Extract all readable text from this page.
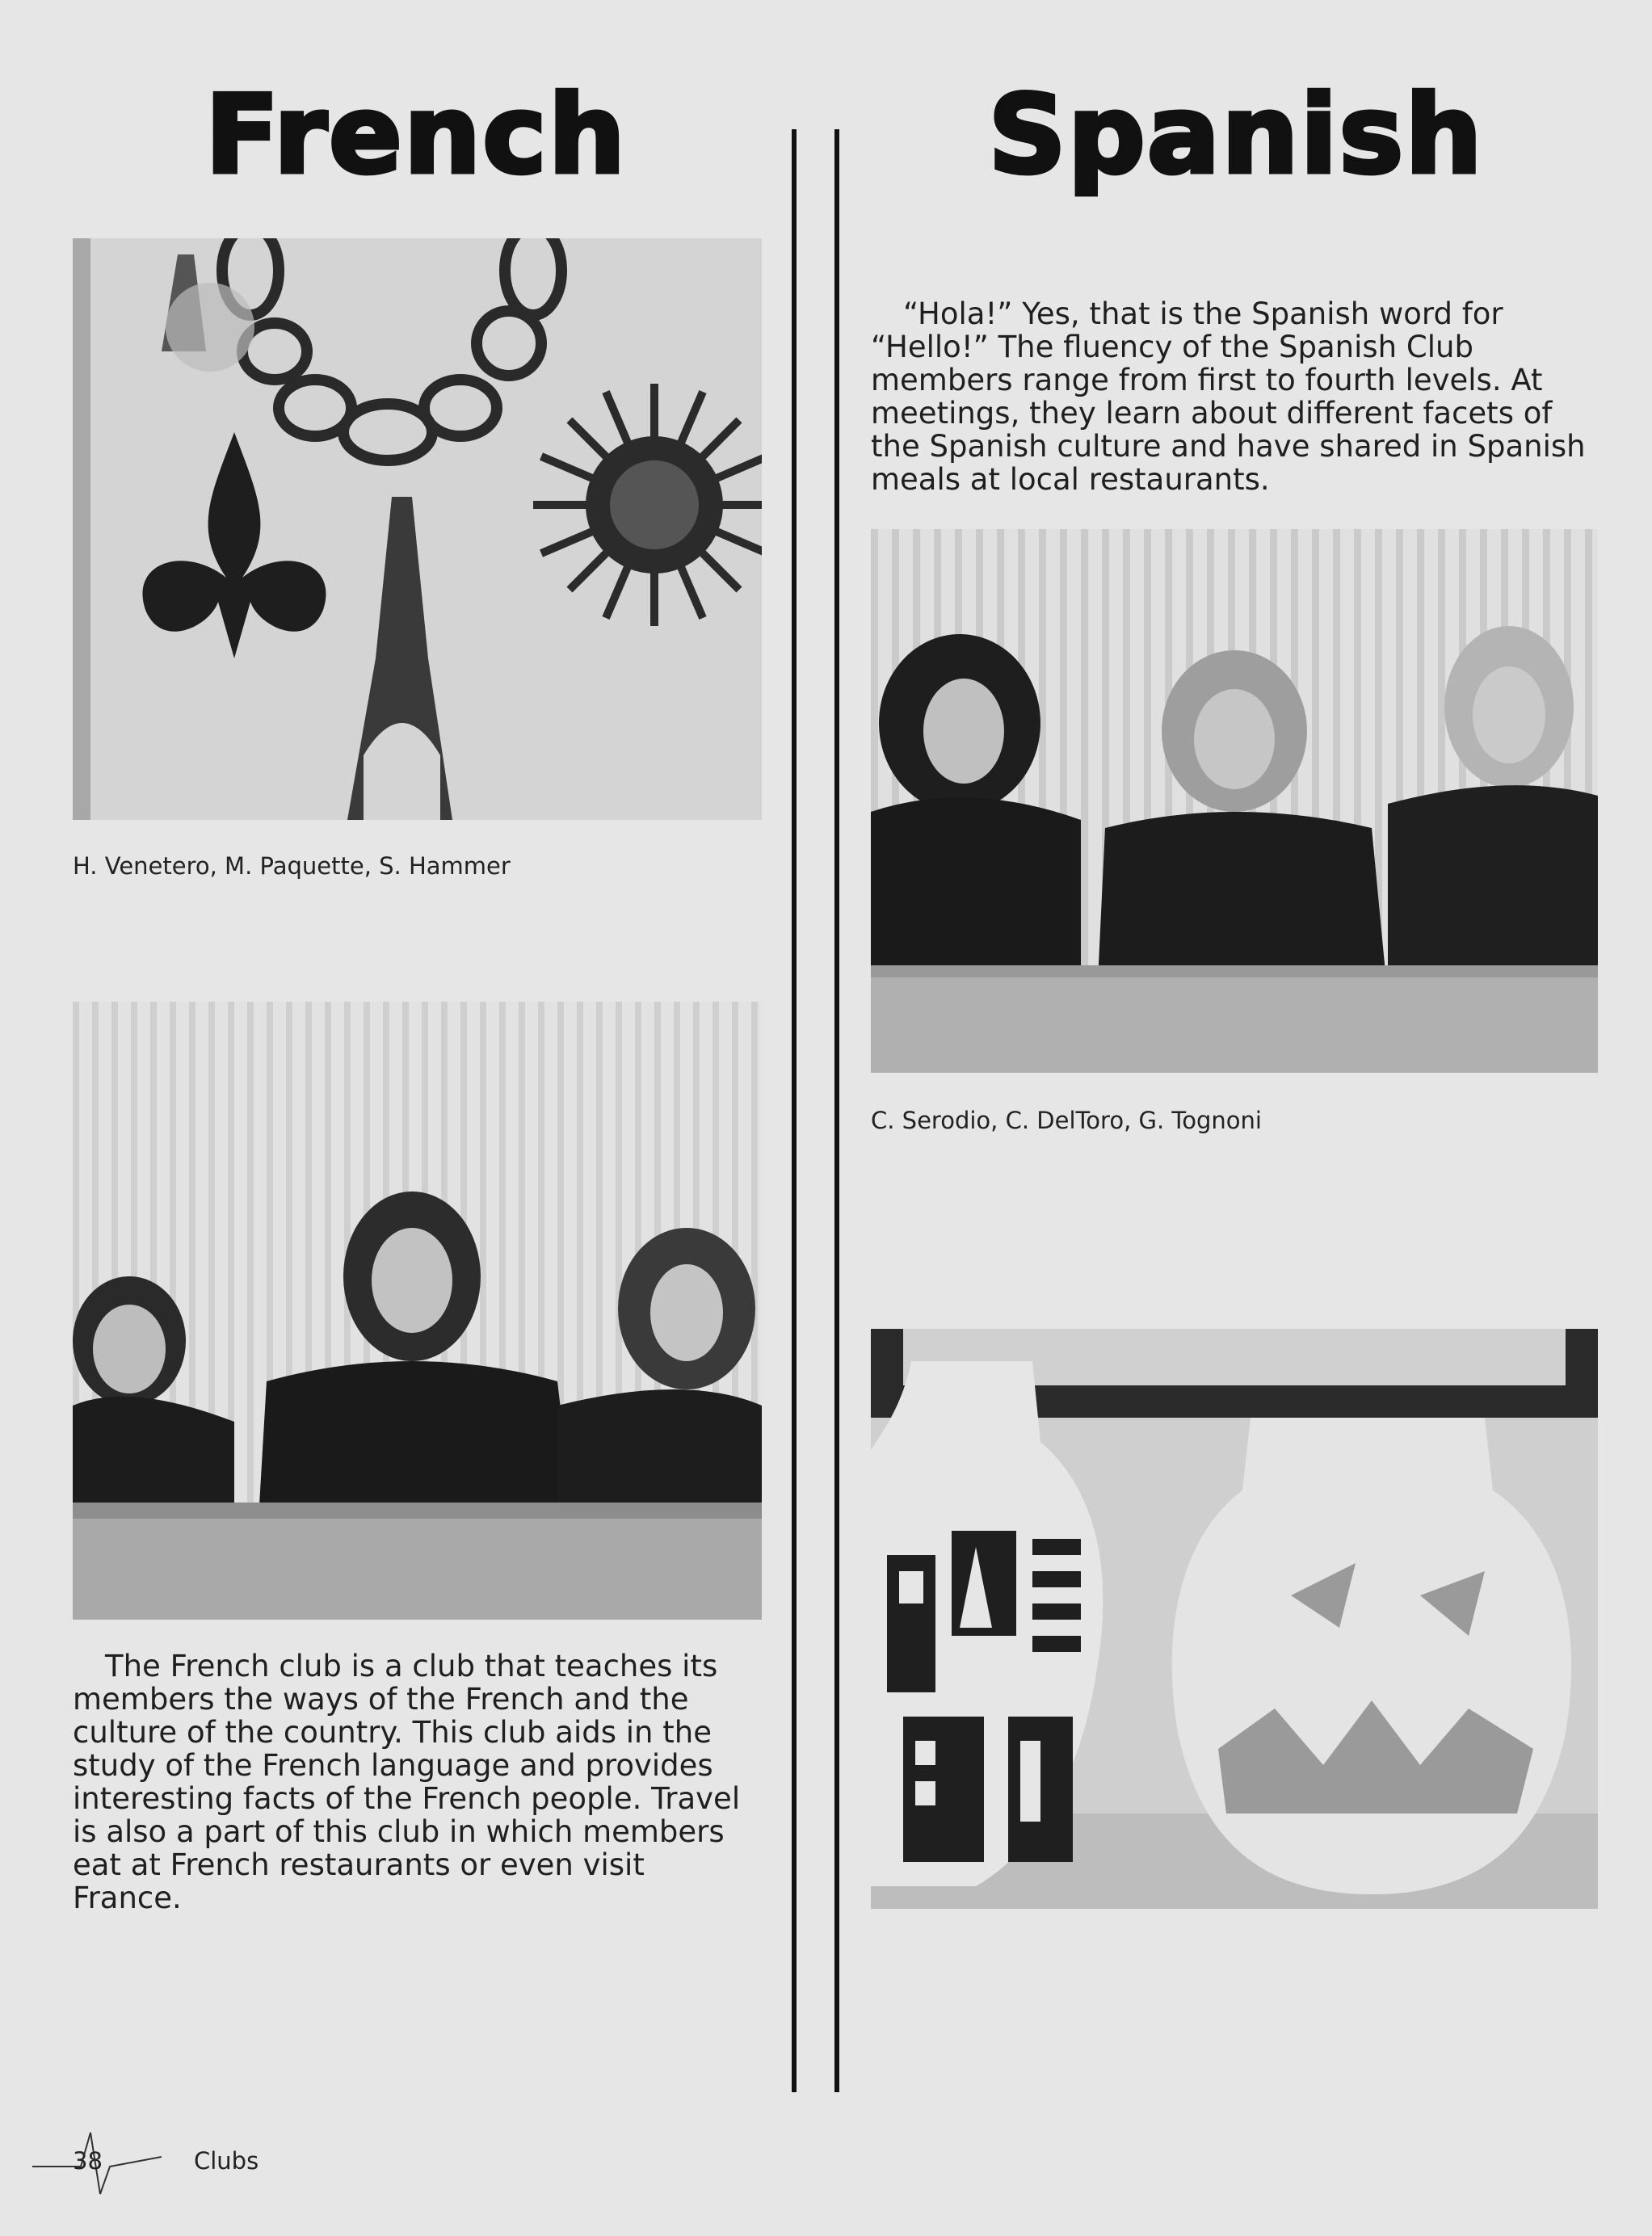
French
H. Venetero, M. Paquette, S. Hammer
The French club is a club that teaches its members the ways of the French and the culture of the country. This club aids in the study of the French language and provides interesting facts of the French people. Travel is also a part of this club in which members eat at French restaurants or even visit France.
Spanish
“Hola!” Yes, that is the Spanish word for “Hello!” The fluency of the Spanish Club members range from first to fourth levels. At meetings, they learn about different facets of the Spanish culture and have shared in Spanish meals at local restaurants.
C. Serodio, C. DelToro, G. Tognoni
38	Clubs
